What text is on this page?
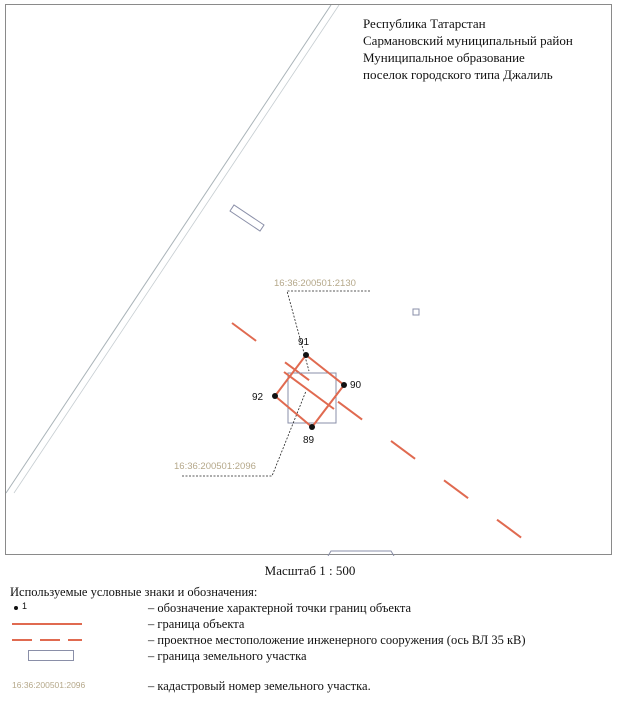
91
90
89
92
16:36:200501:2130
16:36:200501:2096
Республика Татарстан
Сармановский муниципальный район
Муниципальное образование
поселок городского типа Джалиль
Масштаб 1 : 500
Используемые условные знаки и обозначения:
1	– обозначение характерной точки границ объекта
– граница объекта
– проектное местоположение инженерного сооружения (ось ВЛ 35 кВ)
– граница земельного участка
16:36:200501:2096	– кадастровый номер земельного участка.
